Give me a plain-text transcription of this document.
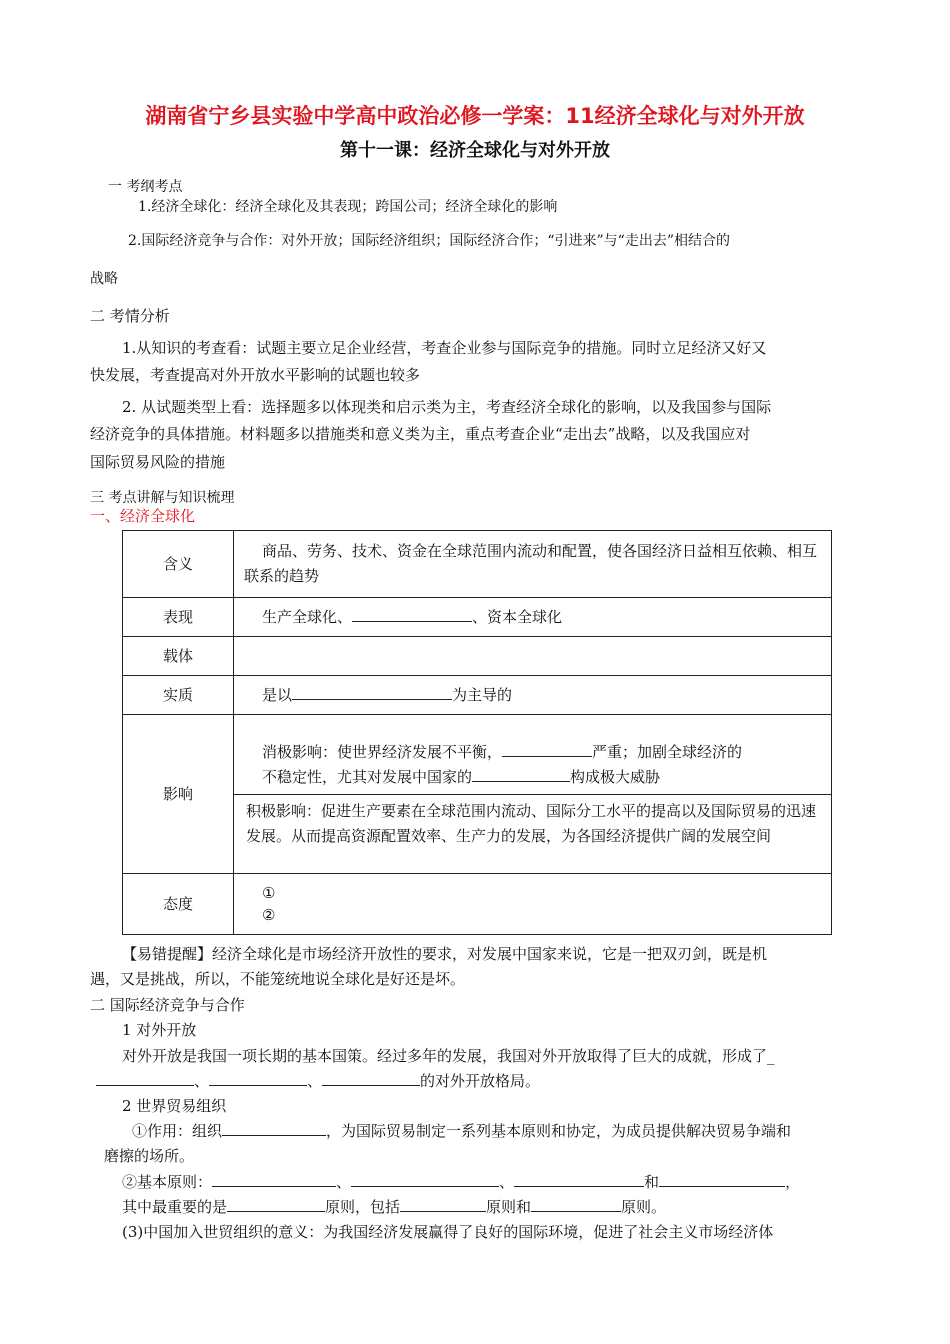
湖南省宁乡县实验中学高中政治必修一学案：11经济全球化与对外开放
第十一课：经济全球化与对外开放
一 考纲考点
1.经济全球化：经济全球化及其表现；跨国公司；经济全球化的影响
2.国际经济竞争与合作：对外开放；国际经济组织；国际经济合作；“引进来”与“走出去”相结合的
战略
二 考情分析
1.从知识的考查看：试题主要立足企业经营，考查企业参与国际竞争的措施。同时立足经济又好又
快发展，考查提高对外开放水平影响的试题也较多
2. 从试题类型上看：选择题多以体现类和启示类为主，考查经济全球化的影响，以及我国参与国际
经济竞争的具体措施。材料题多以措施类和意义类为主，重点考查企业“走出去”战略，以及我国应对
国际贸易风险的措施
三 考点讲解与知识梳理
一、经济全球化
含义	商品、劳务、技术、资金在全球范围内流动和配置，使各国经济日益相互依赖、相互联系的趋势
表现	生产全球化、 、资本全球化
载体	
实质	是以 为主导的
影响	消极影响：使世界经济发展不平衡， 严重；加剧全球经济的
不稳定性，尤其对发展中国家的 构成极大威胁
积极影响：促进生产要素在全球范围内流动、国际分工水平的提高以及国际贸易的迅速发展。从而提高资源配置效率、生产力的发展，为各国经济提供广阔的发展空间

态度	①
②
【易错提醒】经济全球化是市场经济开放性的要求，对发展中国家来说，它是一把双刃剑，既是机
遇，又是挑战，所以，不能笼统地说全球化是好还是坏。
二 国际经济竞争与合作
1 对外开放
对外开放是我国一项长期的基本国策。经过多年的发展，我国对外开放取得了巨大的成就，形成了_
、	、	的对外开放格局。
2 世界贸易组织
①作用：组织	，为国际贸易制定一系列基本原则和协定，为成员提供解决贸易争端和
磨擦的场所。
②基本原则：	、	、	和	，
其中最重要的是	原则，包括	原则和	原则。
(3)中国加入世贸组织的意义：为我国经济发展赢得了良好的国际环境，促进了社会主义市场经济体
